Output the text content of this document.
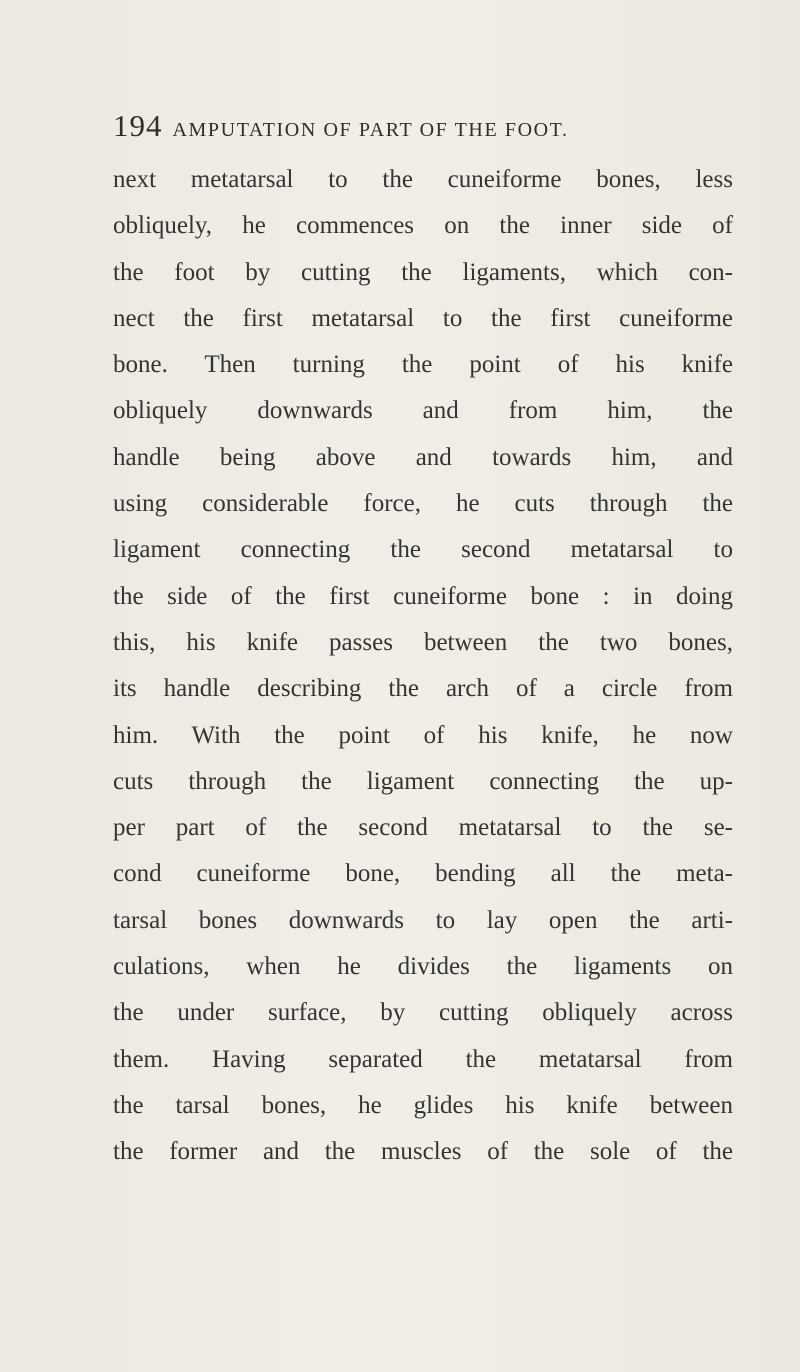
194 AMPUTATION OF PART OF THE FOOT.
next metatarsal to the cuneiforme bones, less
obliquely, he commences on the inner side of
the foot by cutting the ligaments, which con-
nect the first metatarsal to the first cuneiforme
bone. Then turning the point of his knife
obliquely downwards and from him, the
handle being above and towards him, and
using considerable force, he cuts through the
ligament connecting the second metatarsal to
the side of the first cuneiforme bone : in doing
this, his knife passes between the two bones,
its handle describing the arch of a circle from
him. With the point of his knife, he now
cuts through the ligament connecting the up-
per part of the second metatarsal to the se-
cond cuneiforme bone, bending all the meta-
tarsal bones downwards to lay open the arti-
culations, when he divides the ligaments on
the under surface, by cutting obliquely across
them. Having separated the metatarsal from
the tarsal bones, he glides his knife between
the former and the muscles of the sole of the
